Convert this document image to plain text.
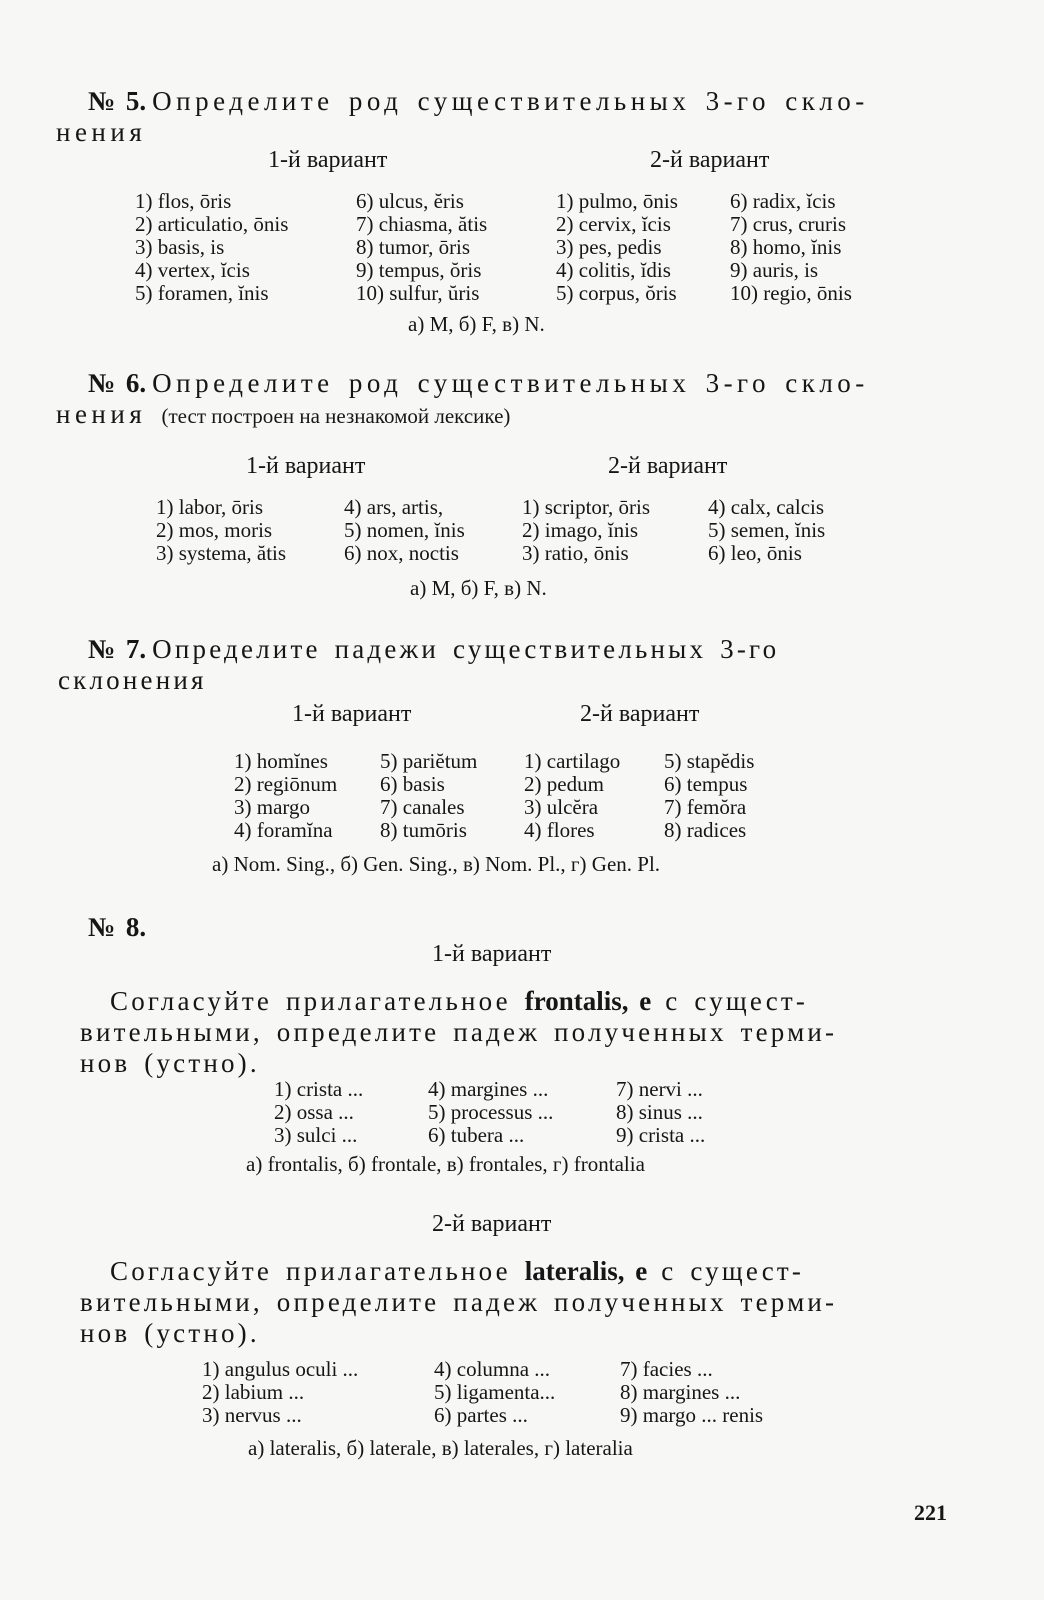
№ 5. Определите род существительных 3-го скло-
нения
1-й вариант	2-й вариант
1) flos, ōris
2) articulatio, ōnis
3) basis, is
4) vertex, ĭcis
5) foramen, ĭnis
6) ulcus, ĕris
7) chiasma, ătis
8) tumor, ōris
9) tempus, ŏris
10) sulfur, ŭris
1) pulmo, ōnis
2) cervix, ĭcis
3) pes, pedis
4) colitis, ĭdis
5) corpus, ŏris
6) radix, ĭcis
7) crus, cruris
8) homo, ĭnis
9) auris, is
10) regio, ōnis
а) M, б) F, в) N.
№ 6. Определите род существительных 3-го скло-
нения (тест построен на незнакомой лексике)
1-й вариант	2-й вариант
1) labor, ōris
2) mos, moris
3) systema, ătis
4) ars, artis,
5) nomen, ĭnis
6) nox, noctis
1) scriptor, ōris
2) imago, ĭnis
3) ratio, ōnis
4) calx, calcis
5) semen, ĭnis
6) leo, ōnis
а) M, б) F, в) N.
№ 7. Определите падежи существительных 3-го
склонения
1-й вариант	2-й вариант
1) homĭnes
2) regiōnum
3) margo
4) foramĭna
5) pariĕtum
6) basis
7) canales
8) tumōris
1) cartilago
2) pedum
3) ulcĕra
4) flores
5) stapĕdis
6) tempus
7) femŏra
8) radices
а) Nom. Sing., б) Gen. Sing., в) Nom. Pl., г) Gen. Pl.
№ 8.
1-й вариант
Согласуйте прилагательное frontalis, e с сущест-
вительными, определите падеж полученных терми-
нов (устно).
1) crista ...
2) ossa ...
3) sulci ...
4) margines ...
5) processus ...
6) tubera ...
7) nervi ...
8) sinus ...
9) crista ...
а) frontalis, б) frontale, в) frontales, г) frontalia
2-й вариант
Согласуйте прилагательное lateralis, e с сущест-
вительными, определите падеж полученных терми-
нов (устно).
1) angulus oculi ...
2) labium ...
3) nervus ...
4) columna ...
5) ligamenta...
6) partes ...
7) facies ...
8) margines ...
9) margo ... renis
а) lateralis, б) laterale, в) laterales, г) lateralia
221
